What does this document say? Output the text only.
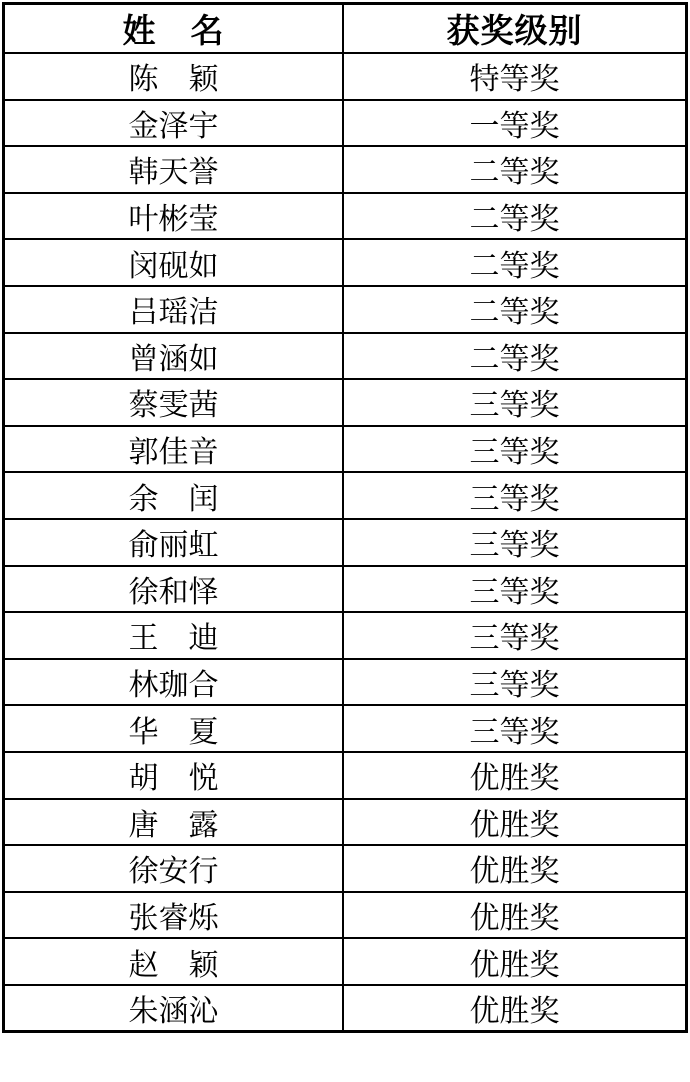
姓　名	获奖级别
陈　颖	特等奖
金泽宇	一等奖
韩天誉	二等奖
叶彬莹	二等奖
闵砚如	二等奖
吕瑶洁	二等奖
曾涵如	二等奖
蔡雯茜	三等奖
郭佳音	三等奖
余　闰	三等奖
俞丽虹	三等奖
徐和怿	三等奖
王　迪	三等奖
林珈合	三等奖
华　夏	三等奖
胡　悦	优胜奖
唐　露	优胜奖
徐安行	优胜奖
张睿烁	优胜奖
赵　颖	优胜奖
朱涵沁	优胜奖
